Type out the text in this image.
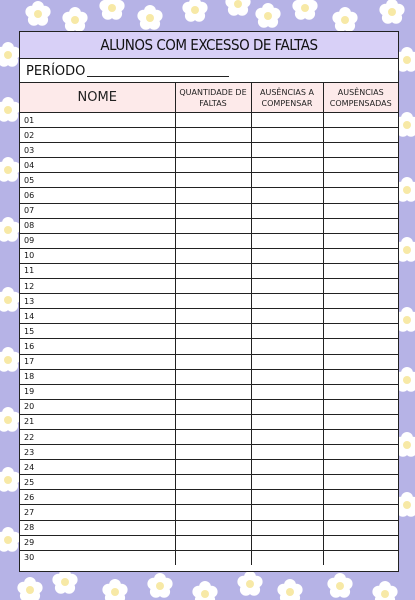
ALUNOS COM EXCESSO DE FALTAS
PERÍODO
NOME	QUANTIDADE DE FALTAS	AUSÊNCIAS A COMPENSAR	AUSÊNCIAS COMPENSADAS
01			
02			
03			
04			
05			
06			
07			
08			
09			
10			
11			
12			
13			
14			
15			
16			
17			
18			
19			
20			
21			
22			
23			
24			
25			
26			
27			
28			
29			
30			
